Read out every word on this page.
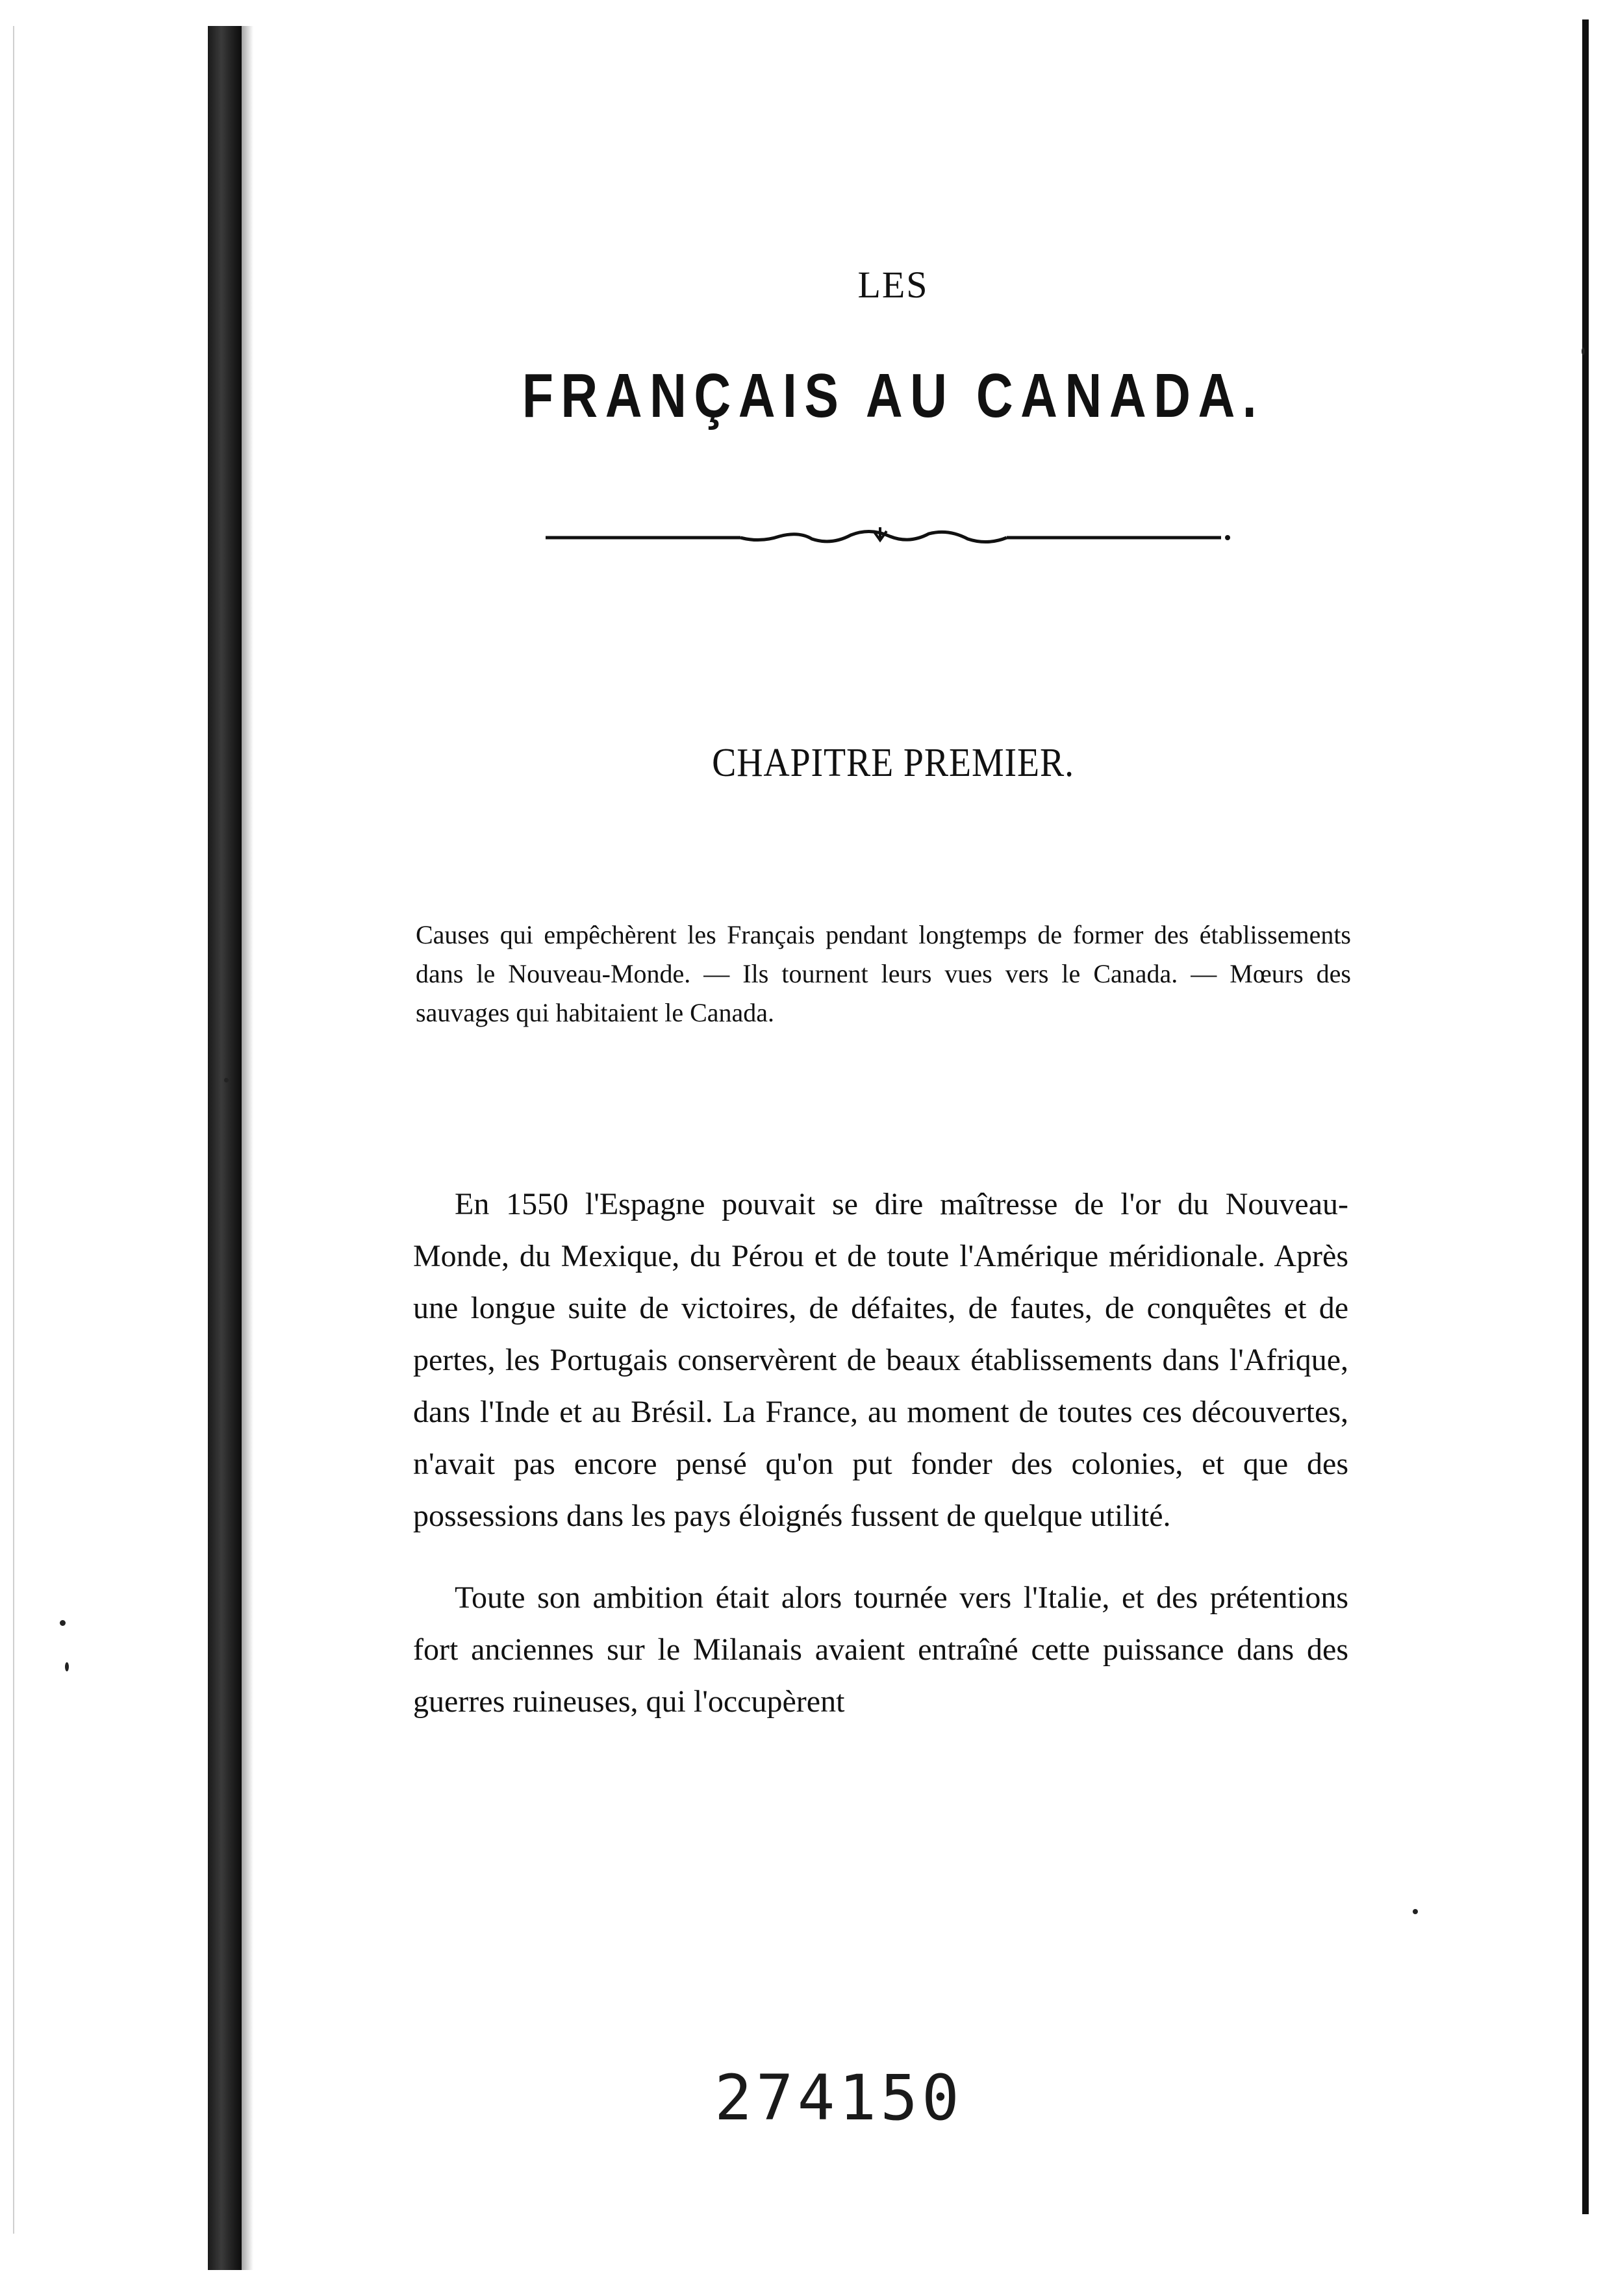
LES
FRANÇAIS AU CANADA.
CHAPITRE PREMIER.
Causes qui empêchèrent les Français pendant longtemps de former des établissements dans le Nouveau-Monde. — Ils tournent leurs vues vers le Canada. — Mœurs des sauvages qui habitaient le Canada.

En 1550 l'Espagne pouvait se dire maîtresse de l'or du Nouveau-Monde, du Mexique, du Pérou et de toute l'Amérique méridionale. Après une longue suite de victoires, de défaites, de fautes, de conquêtes et de pertes, les Portugais conservèrent de beaux établissements dans l'Afrique, dans l'Inde et au Brésil. La France, au moment de toutes ces découvertes, n'avait pas encore pensé qu'on put fonder des colonies, et que des possessions dans les pays éloignés fussent de quelque utilité.

Toute son ambition était alors tournée vers l'Italie, et des prétentions fort anciennes sur le Milanais avaient entraîné cette puissance dans des guerres ruineuses, qui l'occupèrent

274150
